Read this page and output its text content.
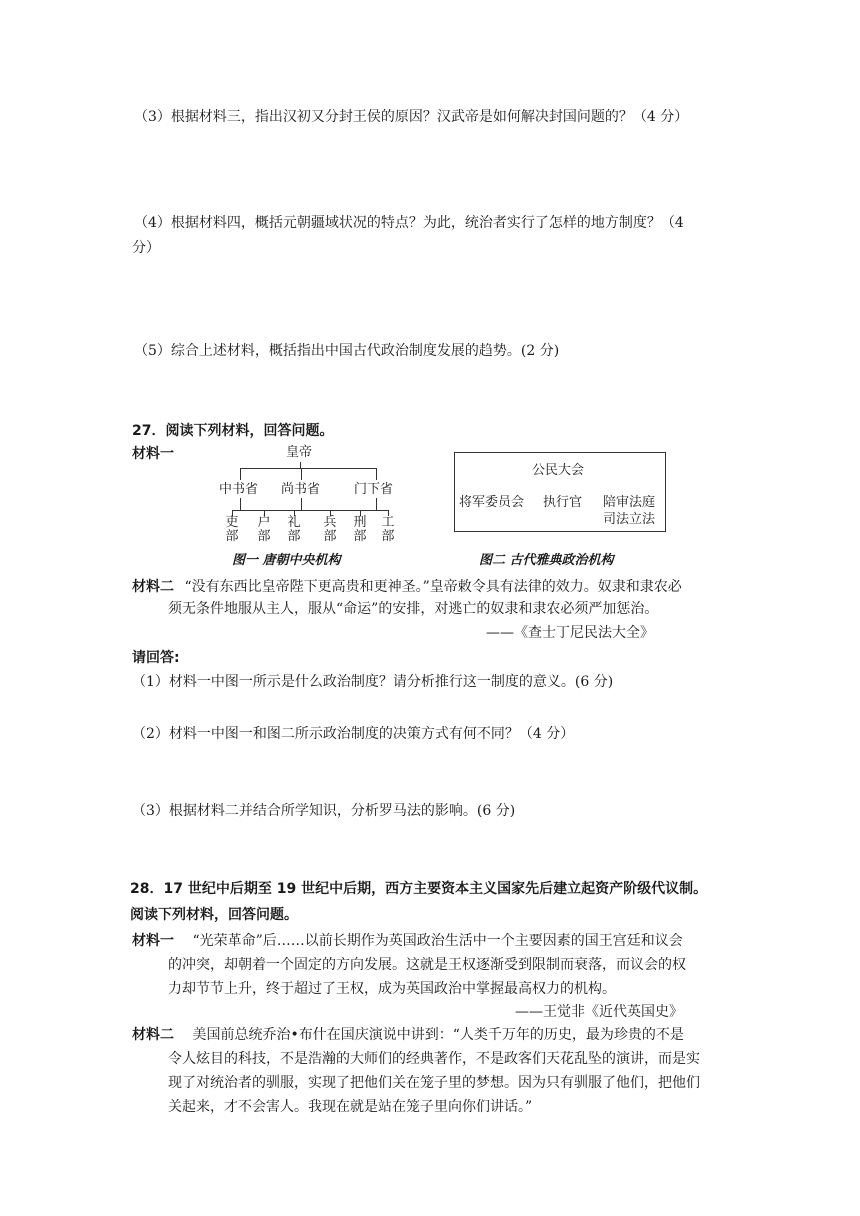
（3）根据材料三，指出汉初又分封王侯的原因？汉武帝是如何解决封国问题的？（4 分）
（4）根据材料四，概括元朝疆域状况的特点？为此，统治者实行了怎样的地方制度？（4
分）
（5）综合上述材料，概括指出中国古代政治制度发展的趋势。(2 分)
27．阅读下列材料，回答问题。
材料一	皇帝
中书省 尚书省	门下省
吏
部
户
部
礼
部
兵
部
刑
部
工
部
图一 唐朝中央机构
公民大会
将军委员会 执行官 陪审法庭
司法立法
图二 古代雅典政治机构
材料二 “没有东西比皇帝陛下更高贵和更神圣。”皇帝敕令具有法律的效力。奴隶和隶农必
须无条件地服从主人，服从“命运”的安排，对逃亡的奴隶和隶农必须严加惩治。
——《查士丁尼民法大全》
请回答:
（1）材料一中图一所示是什么政治制度？请分析推行这一制度的意义。(6 分)
（2）材料一中图一和图二所示政治制度的决策方式有何不同？（4 分）
（3）根据材料二并结合所学知识，分析罗马法的影响。(6 分)
28．17 世纪中后期至 19 世纪中后期，西方主要资本主义国家先后建立起资产阶级代议制。
阅读下列材料，回答问题。
材料一 “光荣革命”后……以前长期作为英国政治生活中一个主要因素的国王宫廷和议会
的冲突，却朝着一个固定的方向发展。这就是王权逐渐受到限制而衰落，而议会的权
力却节节上升，终于超过了王权，成为英国政治中掌握最高权力的机构。
——王觉非《近代英国史》
材料二 美国前总统乔治•布什在国庆演说中讲到：“人类千万年的历史，最为珍贵的不是
令人炫目的科技，不是浩瀚的大师们的经典著作，不是政客们天花乱坠的演讲，而是实
现了对统治者的驯服，实现了把他们关在笼子里的梦想。因为只有驯服了他们，把他们
关起来，才不会害人。我现在就是站在笼子里向你们讲话。”
